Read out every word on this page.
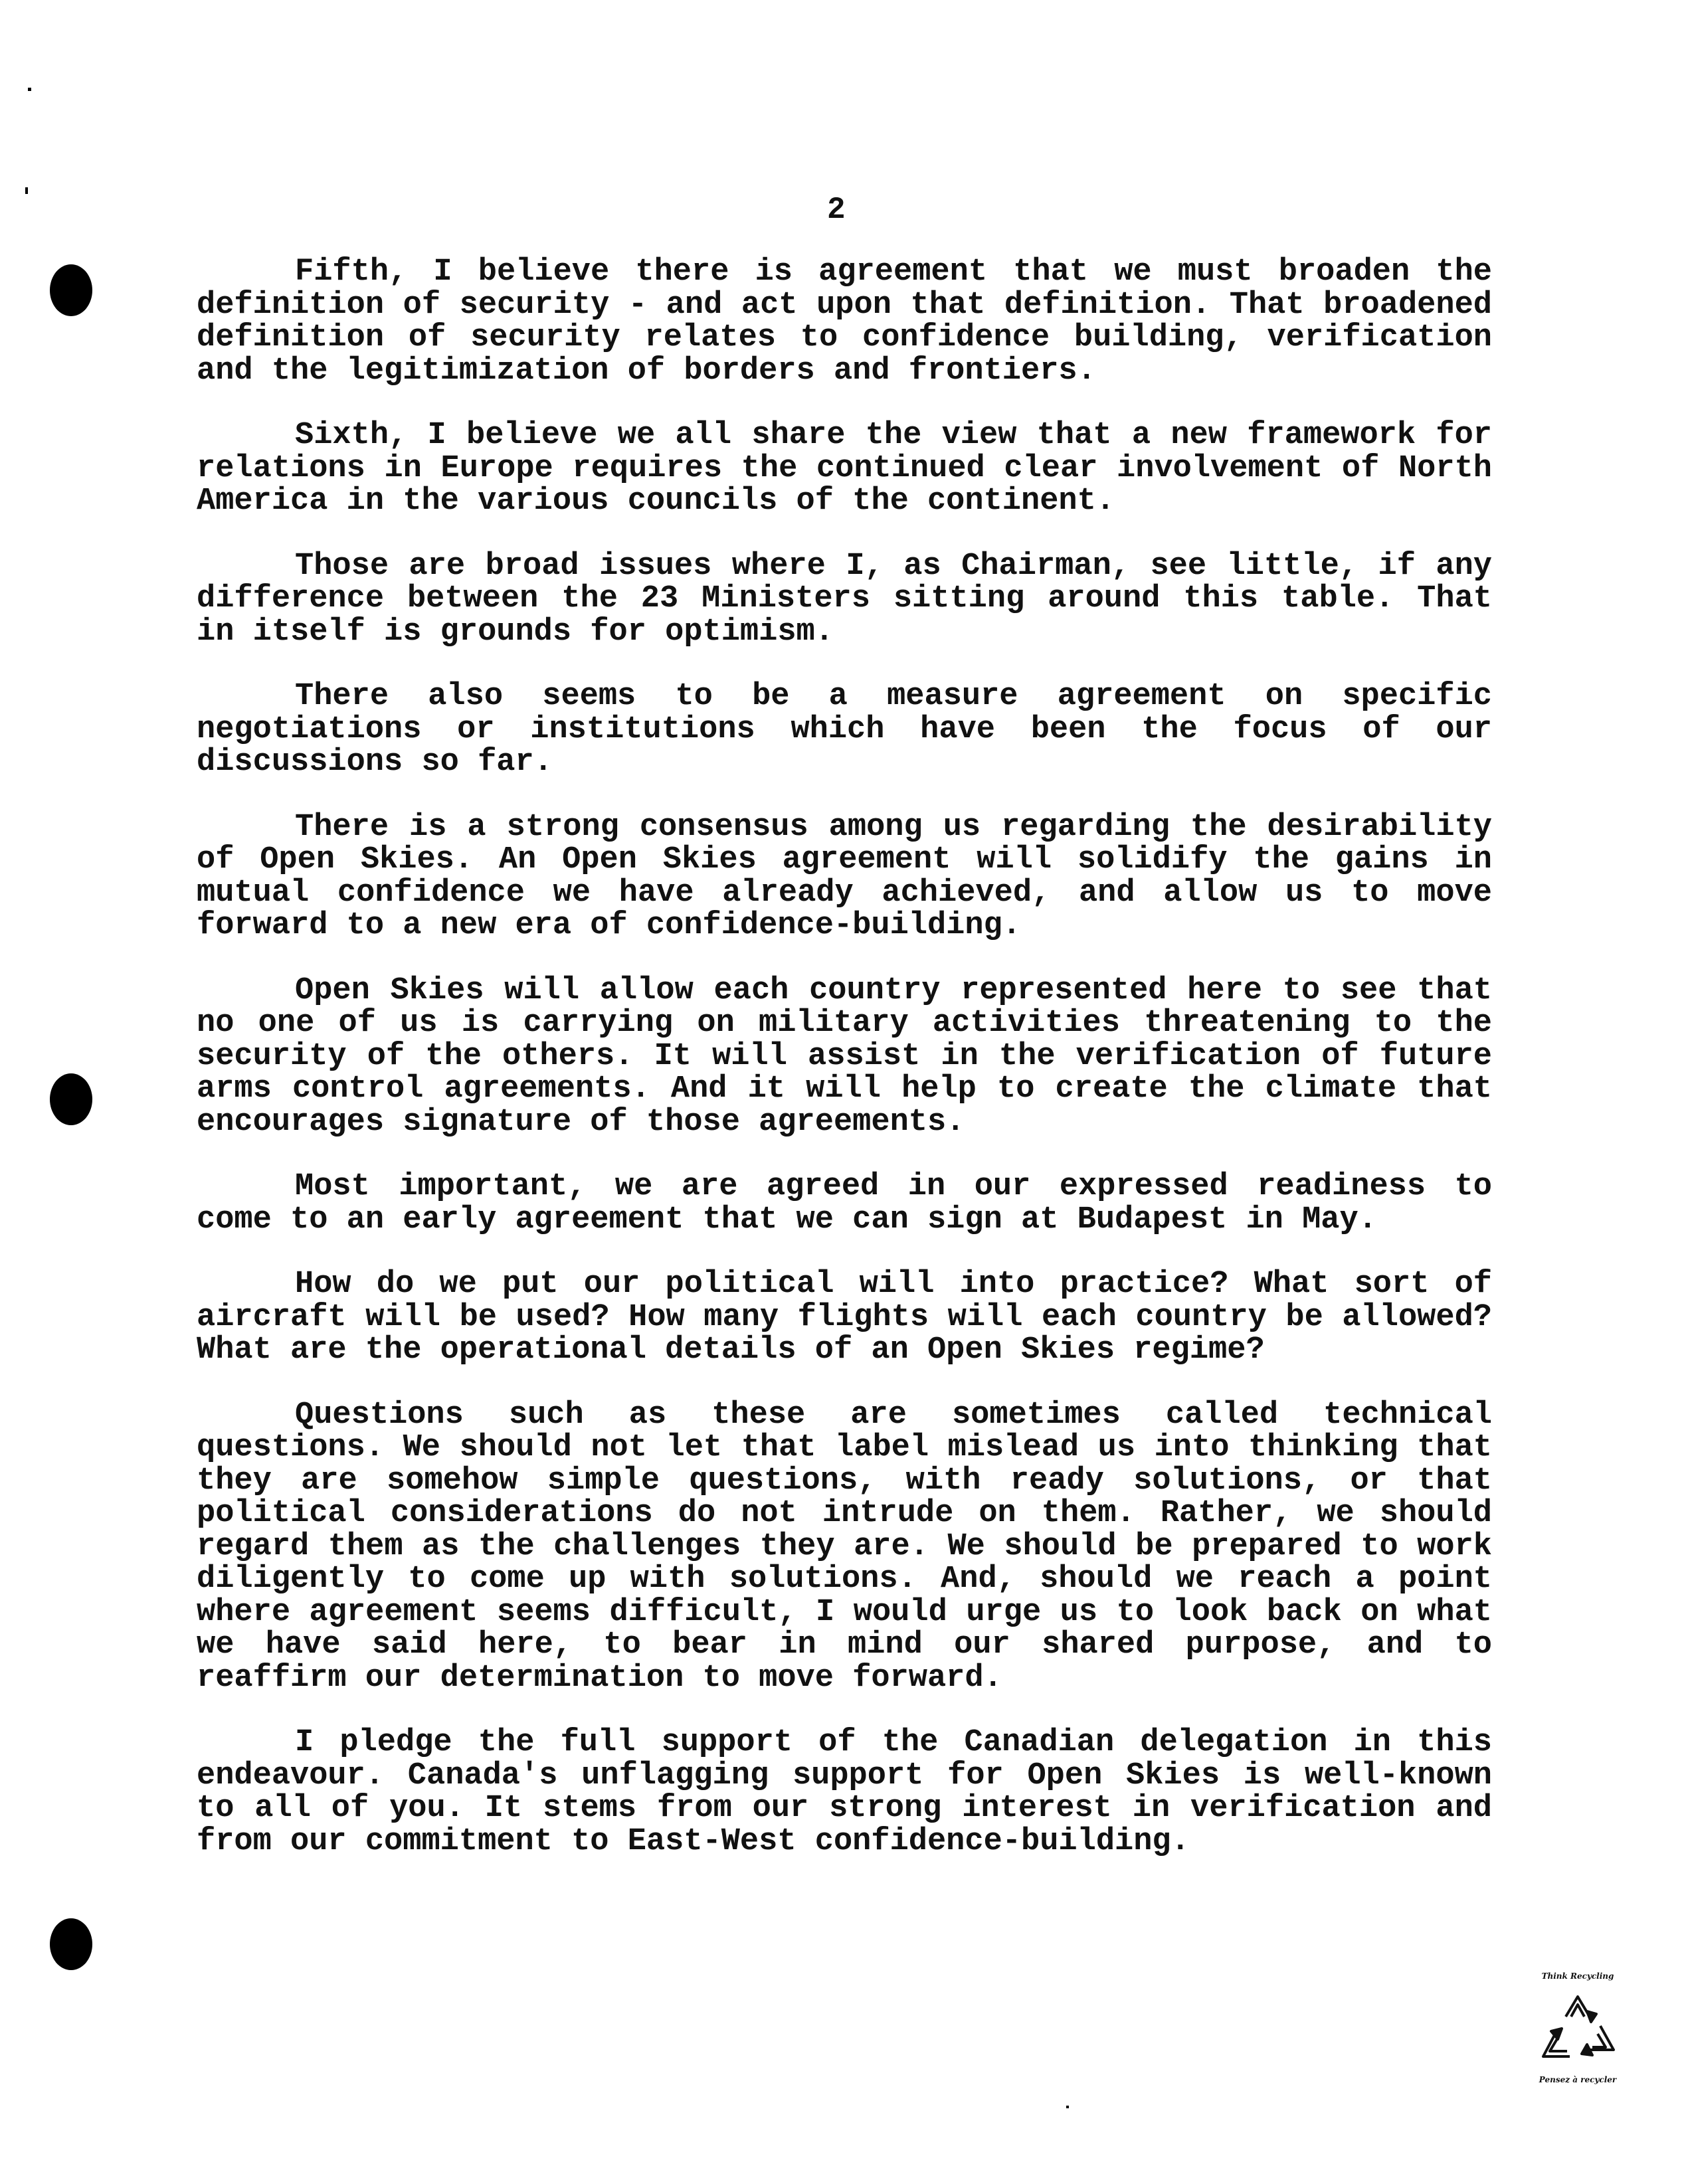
2

Fifth, I believe there is agreement that we must broaden the definition of security - and act upon that definition. That broadened definition of security relates to confidence building, verification and the legitimization of borders and frontiers.

Sixth, I believe we all share the view that a new framework for relations in Europe requires the continued clear involvement of North America in the various councils of the continent.

Those are broad issues where I, as Chairman, see little, if any difference between the 23 Ministers sitting around this table. That in itself is grounds for optimism.

There also seems to be a measure agreement on specific negotiations or institutions which have been the focus of our discussions so far.

There is a strong consensus among us regarding the desirability of Open Skies. An Open Skies agreement will solidify the gains in mutual confidence we have already achieved, and allow us to move forward to a new era of confidence-building.

Open Skies will allow each country represented here to see that no one of us is carrying on military activities threatening to the security of the others. It will assist in the verification of future arms control agreements. And it will help to create the climate that encourages signature of those agreements.

Most important, we are agreed in our expressed readiness to come to an early agreement that we can sign at Budapest in May.

How do we put our political will into practice? What sort of aircraft will be used? How many flights will each country be allowed? What are the operational details of an Open Skies regime?

Questions such as these are sometimes called technical questions. We should not let that label mislead us into thinking that they are somehow simple questions, with ready solutions, or that political considerations do not intrude on them. Rather, we should regard them as the challenges they are. We should be prepared to work diligently to come up with solutions. And, should we reach a point where agreement seems difficult, I would urge us to look back on what we have said here, to bear in mind our shared purpose, and to reaffirm our determination to move forward.

I pledge the full support of the Canadian delegation in this endeavour. Canada's unflagging support for Open Skies is well-known to all of you. It stems from our strong interest in verification and from our commitment to East-West confidence-building.

Think Recycling
Pensez à recycler
